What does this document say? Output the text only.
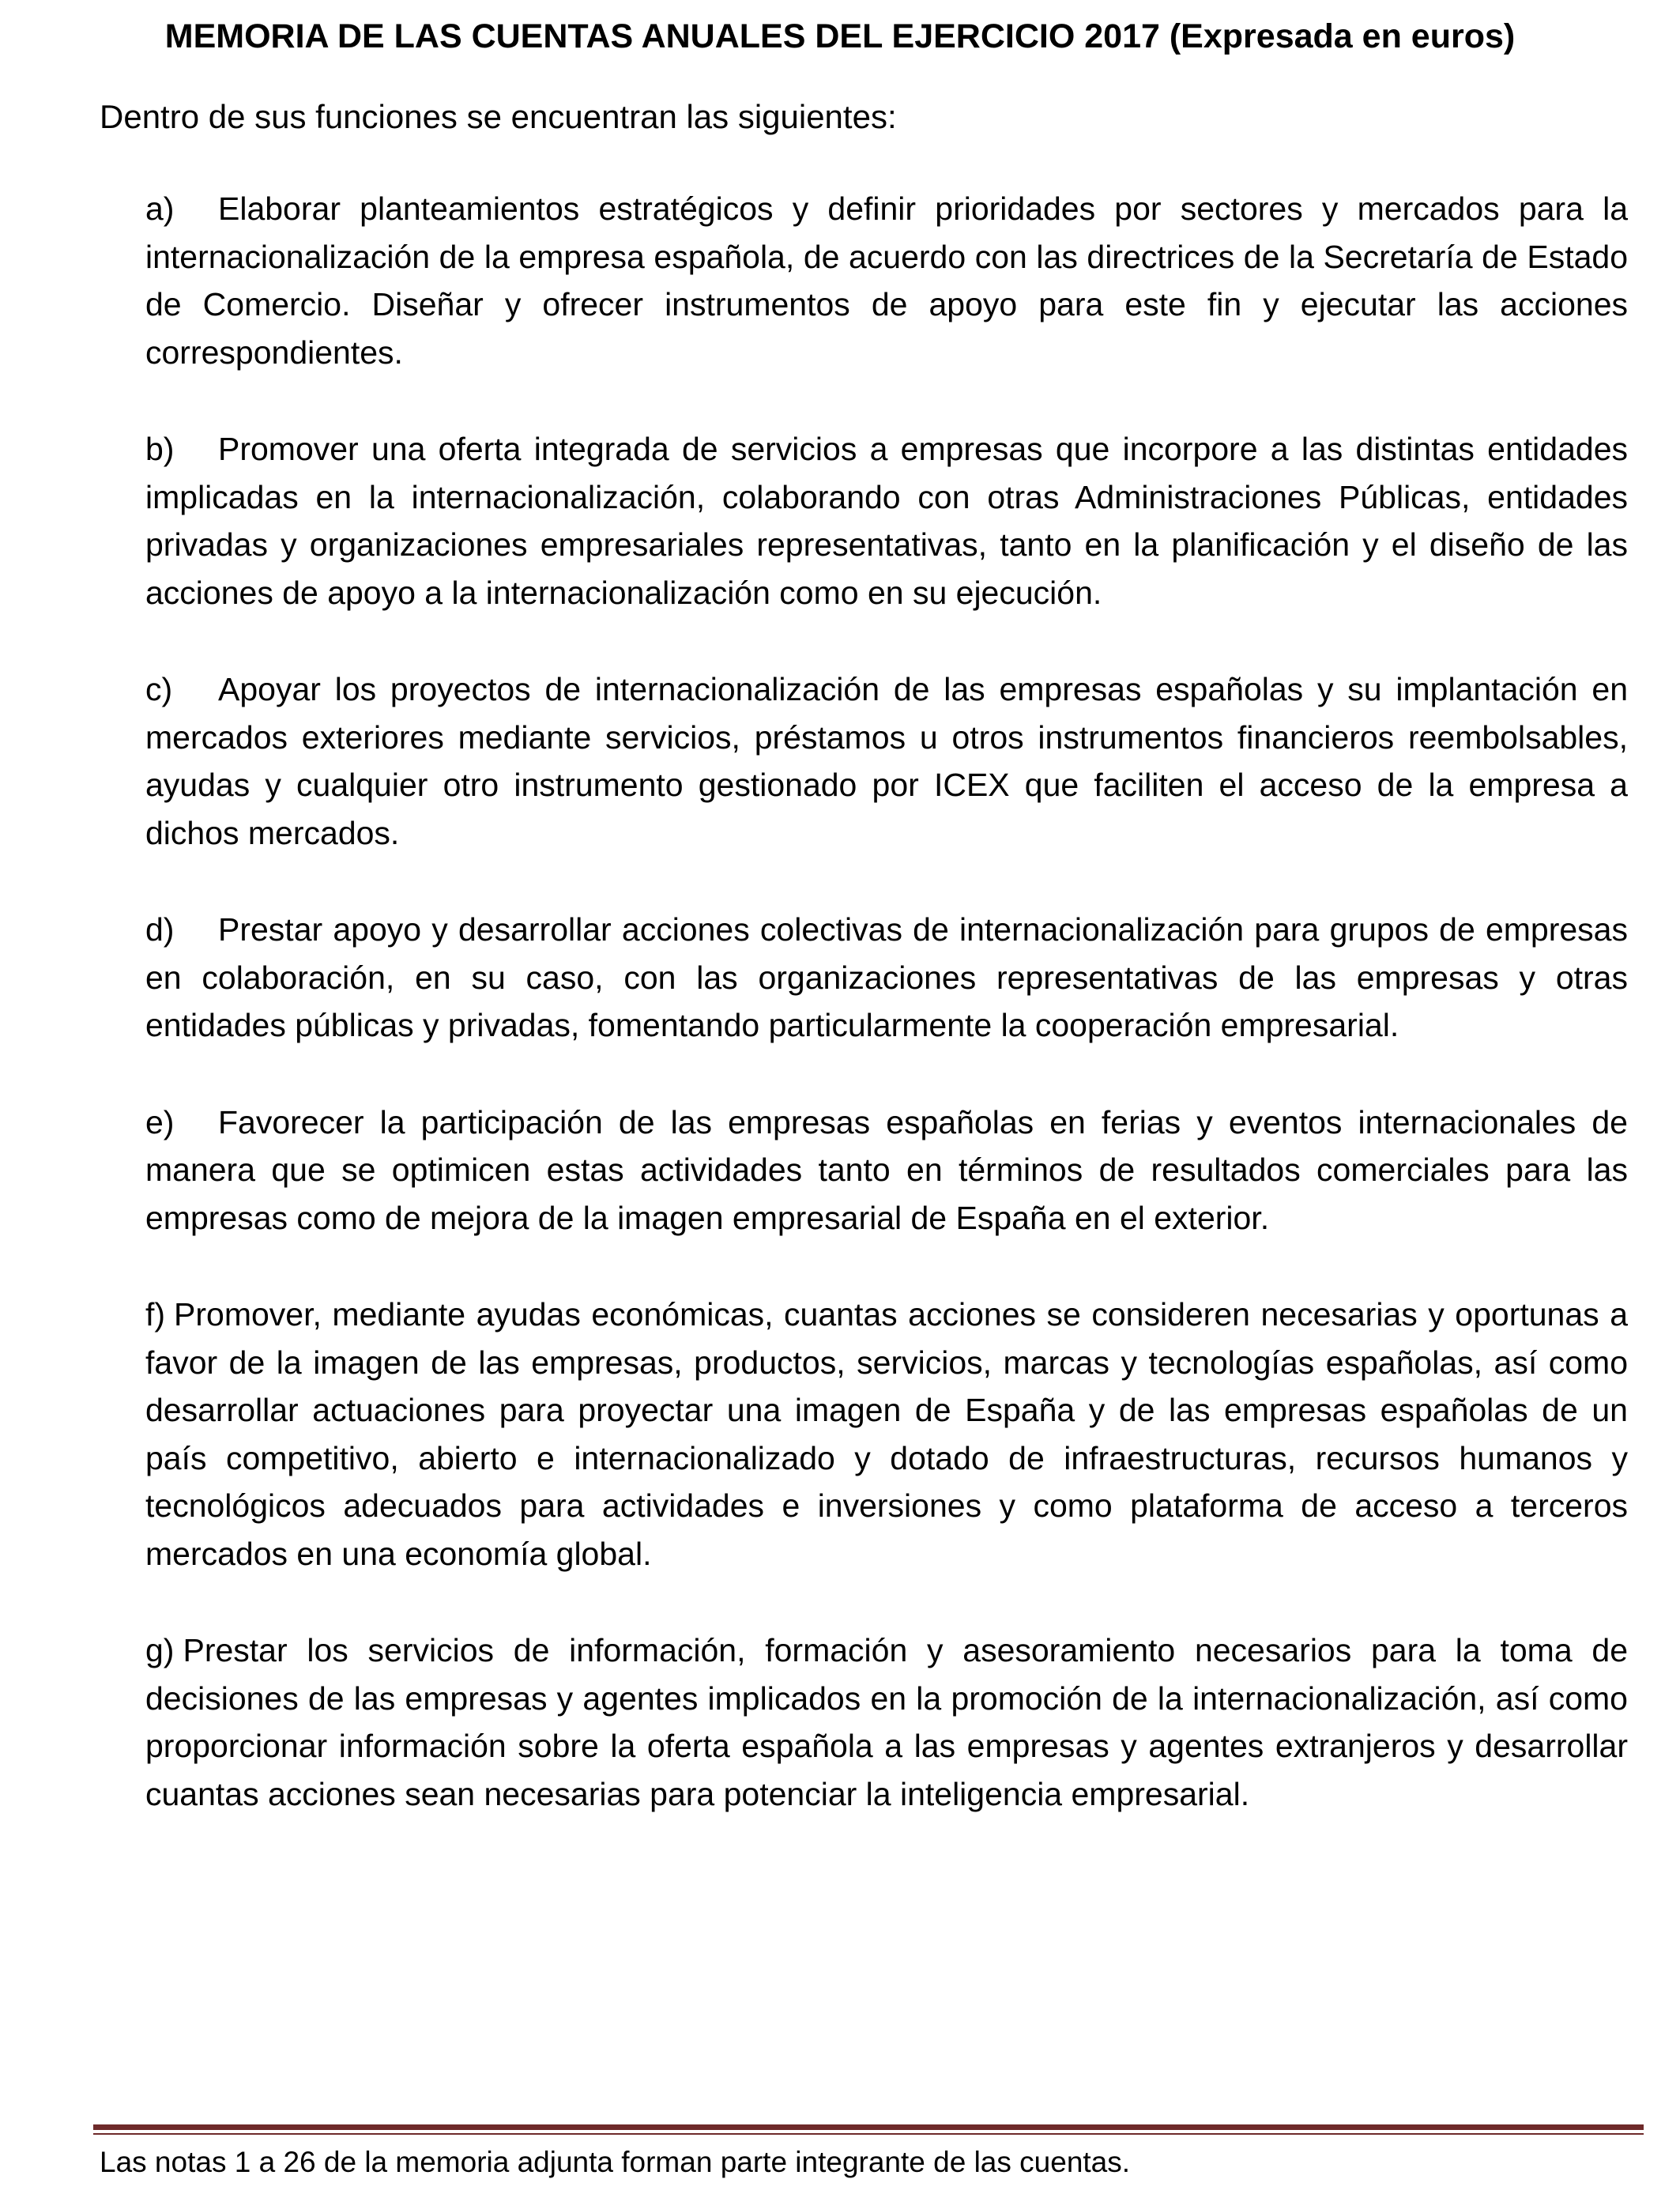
MEMORIA DE LAS CUENTAS ANUALES DEL EJERCICIO 2017 (Expresada en euros)
Dentro de sus funciones se encuentran las siguientes:

a) Elaborar planteamientos estratégicos y definir prioridades por sectores y mercados para la internacionalización de la empresa española, de acuerdo con las directrices de la Secretaría de Estado de Comercio. Diseñar y ofrecer instrumentos de apoyo para este fin y ejecutar las acciones correspondientes.

b) Promover una oferta integrada de servicios a empresas que incorpore a las distintas entidades implicadas en la internacionalización, colaborando con otras Administraciones Públicas, entidades privadas y organizaciones empresariales representativas, tanto en la planificación y el diseño de las acciones de apoyo a la internacionalización como en su ejecución.

c) Apoyar los proyectos de internacionalización de las empresas españolas y su implantación en mercados exteriores mediante servicios, préstamos u otros instrumentos financieros reembolsables, ayudas y cualquier otro instrumento gestionado por ICEX que faciliten el acceso de la empresa a dichos mercados.

d) Prestar apoyo y desarrollar acciones colectivas de internacionalización para grupos de empresas en colaboración, en su caso, con las organizaciones representativas de las empresas y otras entidades públicas y privadas, fomentando particularmente la cooperación empresarial.

e) Favorecer la participación de las empresas españolas en ferias y eventos internacionales de manera que se optimicen estas actividades tanto en términos de resultados comerciales para las empresas como de mejora de la imagen empresarial de España en el exterior.

f) Promover, mediante ayudas económicas, cuantas acciones se consideren necesarias y oportunas a favor de la imagen de las empresas, productos, servicios, marcas y tecnologías españolas, así como desarrollar actuaciones para proyectar una imagen de España y de las empresas españolas de un país competitivo, abierto e internacionalizado y dotado de infraestructuras, recursos humanos y tecnológicos adecuados para actividades e inversiones y como plataforma de acceso a terceros mercados en una economía global.

g) Prestar los servicios de información, formación y asesoramiento necesarios para la toma de decisiones de las empresas y agentes implicados en la promoción de la internacionalización, así como proporcionar información sobre la oferta española a las empresas y agentes extranjeros y desarrollar cuantas acciones sean necesarias para potenciar la inteligencia empresarial.

Las notas 1 a 26 de la memoria adjunta forman parte integrante de las cuentas.
